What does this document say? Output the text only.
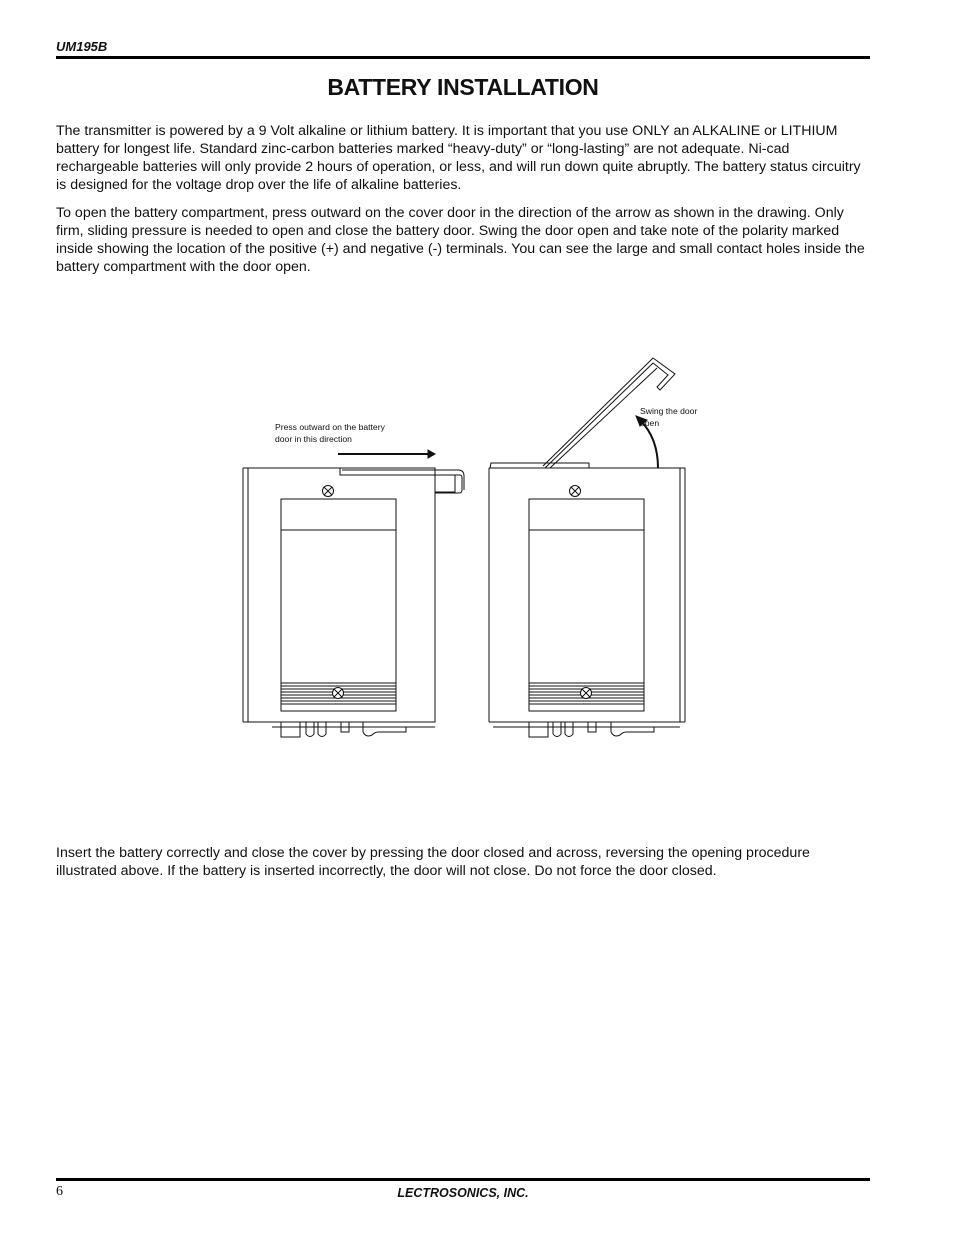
UM195B
BATTERY INSTALLATION

The transmitter is powered by a 9 Volt alkaline or lithium battery. It is important that you use ONLY an ALKALINE or LITHIUM battery for longest life. Standard zinc-carbon batteries marked “heavy-duty” or “long-lasting” are not adequate. Ni-cad rechargeable batteries will only provide 2 hours of operation, or less, and will run down quite abruptly. The battery status circuitry is designed for the voltage drop over the life of alkaline batteries.

To open the battery compartment, press outward on the cover door in the direction of the arrow as shown in the drawing. Only firm, sliding pressure is needed to open and close the battery door. Swing the door open and take note of the polarity marked inside showing the location of the positive (+) and negative (-) terminals. You can see the large and small contact holes inside the battery compartment with the door open.

Press outward on the battery door in this direction

Swing the door open

Insert the battery correctly and close the cover by pressing the door closed and across, reversing the opening procedure illustrated above. If the battery is inserted incorrectly, the door will not close. Do not force the door closed.

6	LECTROSONICS, INC.
